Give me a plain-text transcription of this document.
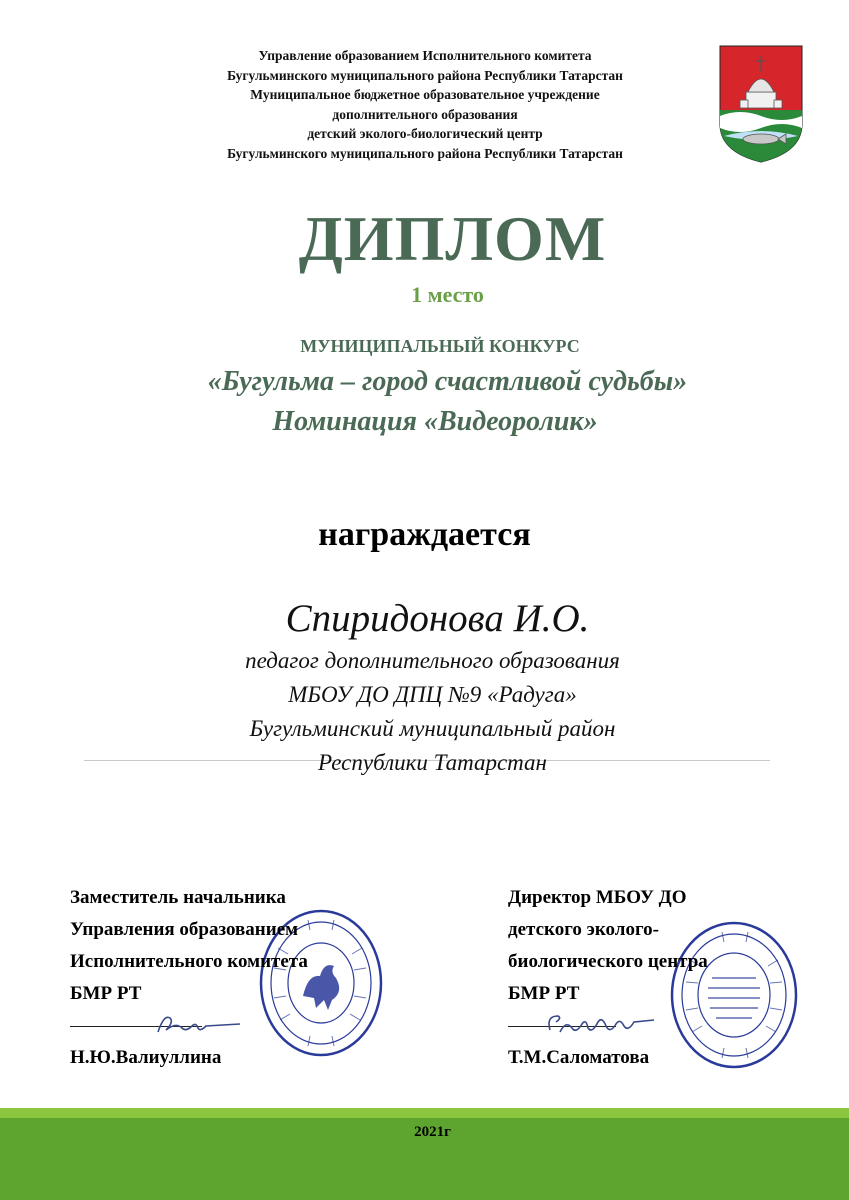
Управление образованием Исполнительного комитета
Бугульминского муниципального района Республики Татарстан
Муниципальное бюджетное образовательное учреждение
дополнительного образования
детский эколого-биологический центр
Бугульминского муниципального района Республики Татарстан
ДИПЛОМ
1 место
МУНИЦИПАЛЬНЫЙ КОНКУРС
«Бугульма – город счастливой судьбы»
Номинация «Видеоролик»
награждается
Спиридонова И.О.
педагог дополнительного образования
МБОУ ДО ДПЦ №9 «Радуга»
Бугульминский муниципальный район
Республики Татарстан
Заместитель начальника
Управления образованием
Исполнительного комитета
БМР РТ
Н.Ю.Валиуллина
Директор МБОУ ДО
детского эколого-
биологического центра
БМР РТ
Т.М.Саломатова
2021г
